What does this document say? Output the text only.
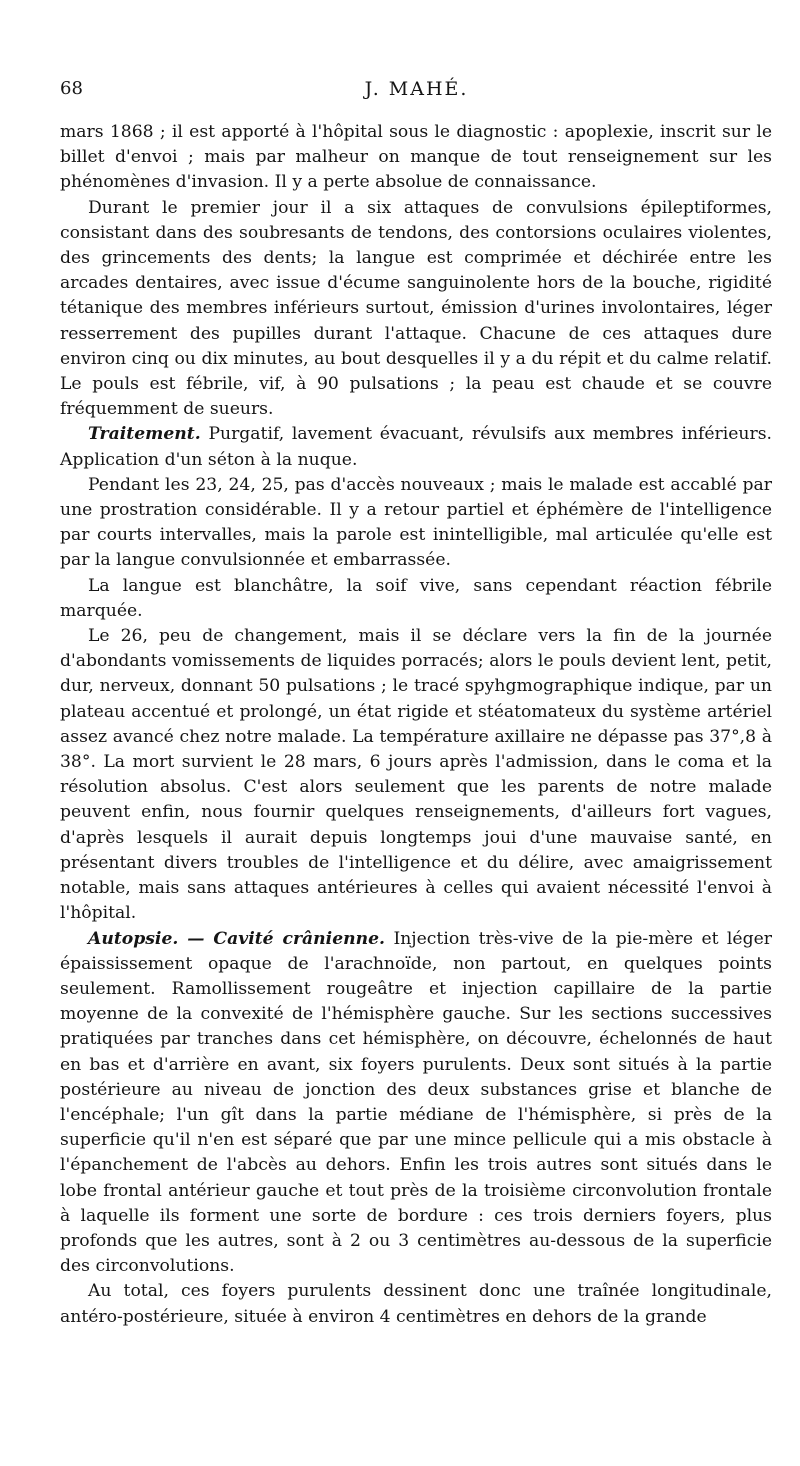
68	J. MAHÉ.

mars 1868 ; il est apporté à l'hôpital sous le diagnostic : apoplexie, inscrit sur le billet d'envoi ; mais par malheur on manque de tout renseignement sur les phénomènes d'invasion. Il y a perte absolue de connaissance.

Durant le premier jour il a six attaques de convulsions épileptiformes, consistant dans des soubresants de tendons, des contorsions oculaires violentes, des grincements des dents; la langue est comprimée et déchirée entre les arcades dentaires, avec issue d'écume sanguinolente hors de la bouche, rigidité tétanique des membres inférieurs surtout, émission d'urines involontaires, léger resserrement des pupilles durant l'attaque. Chacune de ces attaques dure environ cinq ou dix minutes, au bout desquelles il y a du répit et du calme relatif. Le pouls est fébrile, vif, à 90 pulsations ; la peau est chaude et se couvre fréquemment de sueurs.

Traitement. Purgatif, lavement évacuant, révulsifs aux membres inférieurs. Application d'un séton à la nuque.

Pendant les 23, 24, 25, pas d'accès nouveaux ; mais le malade est accablé par une prostration considérable. Il y a retour partiel et éphémère de l'intelligence par courts intervalles, mais la parole est inintelligible, mal articulée qu'elle est par la langue convulsionnée et embarrassée.

La langue est blanchâtre, la soif vive, sans cependant réaction fébrile marquée.

Le 26, peu de changement, mais il se déclare vers la fin de la journée d'abondants vomissements de liquides porracés; alors le pouls devient lent, petit, dur, nerveux, donnant 50 pulsations ; le tracé spyhgmographique indique, par un plateau accentué et prolongé, un état rigide et stéatomateux du système artériel assez avancé chez notre malade. La température axillaire ne dépasse pas 37°,8 à 38°. La mort survient le 28 mars, 6 jours après l'admission, dans le coma et la résolution absolus. C'est alors seulement que les parents de notre malade peuvent enfin, nous fournir quelques renseignements, d'ailleurs fort vagues, d'après lesquels il aurait depuis longtemps joui d'une mauvaise santé, en présentant divers troubles de l'intelligence et du délire, avec amaigrissement notable, mais sans attaques antérieures à celles qui avaient nécessité l'envoi à l'hôpital.

Autopsie. — Cavité crânienne. Injection très-vive de la pie-mère et léger épaississement opaque de l'arachnoïde, non partout, en quelques points seulement. Ramollissement rougeâtre et injection capillaire de la partie moyenne de la convexité de l'hémisphère gauche. Sur les sections successives pratiquées par tranches dans cet hémisphère, on découvre, échelonnés de haut en bas et d'arrière en avant, six foyers purulents. Deux sont situés à la partie postérieure au niveau de jonction des deux substances grise et blanche de l'encéphale; l'un gît dans la partie médiane de l'hémisphère, si près de la superficie qu'il n'en est séparé que par une mince pellicule qui a mis obstacle à l'épanchement de l'abcès au dehors. Enfin les trois autres sont situés dans le lobe frontal antérieur gauche et tout près de la troisième circonvolution frontale à laquelle ils forment une sorte de bordure : ces trois derniers foyers, plus profonds que les autres, sont à 2 ou 3 centimètres au-dessous de la superficie des circonvolutions.

Au total, ces foyers purulents dessinent donc une traînée longitudinale, antéro-postérieure, située à environ 4 centimètres en dehors de la grande
